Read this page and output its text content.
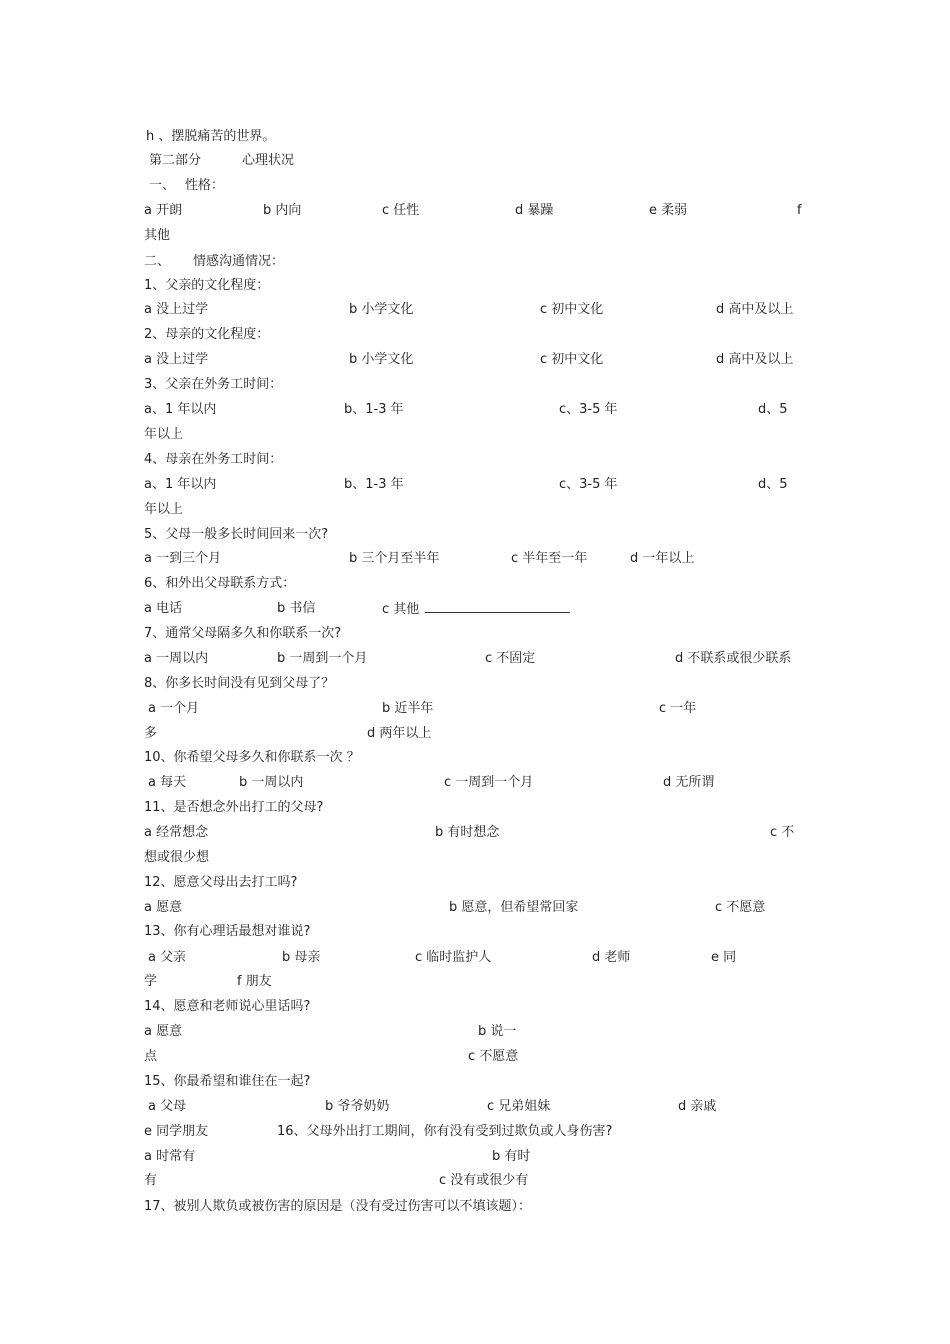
h 、摆脱痛苦的世界。
第二部分	心理状况
一、 性格：
a 开朗	b 内向	c 任性	d 暴躁	e 柔弱	f
其他
二、 情感沟通情况：
1、父亲的文化程度：
a 没上过学	b 小学文化	c 初中文化	d 高中及以上
2、母亲的文化程度：
a 没上过学	b 小学文化	c 初中文化	d 高中及以上
3、父亲在外务工时间：
a、1 年以内	b、1-3 年	c、3-5 年	d、5
年以上
4、母亲在外务工时间：
a、1 年以内	b、1-3 年	c、3-5 年	d、5
年以上
5、父母一般多长时间回来一次?
a 一到三个月	b 三个月至半年	c 半年至一年	d 一年以上
6、和外出父母联系方式：
a 电话	b 书信	c 其他
7、通常父母隔多久和你联系一次?
a 一周以内	b 一周到一个月	c 不固定	d 不联系或很少联系
8、你多长时间没有见到父母了？
a 一个月	b 近半年	c 一年
多	d 两年以上
10、你希望父母多久和你联系一次 ？
a 每天	b 一周以内	c 一周到一个月	d 无所谓
11、是否想念外出打工的父母?
a 经常想念	b 有时想念	c 不
想或很少想
12、愿意父母出去打工吗?
a 愿意	b 愿意，但希望常回家	c 不愿意
13、你有心理话最想对谁说?
a 父亲	b 母亲	c 临时监护人	d 老师	e 同
学	f 朋友
14、愿意和老师说心里话吗?
a 愿意	b 说一
点	c 不愿意
15、你最希望和谁住在一起?
a 父母	b 爷爷奶奶	c 兄弟姐妹	d 亲戚
e 同学朋友	16、父母外出打工期间，你有没有受到过欺负或人身伤害?
a 时常有	b 有时
有	c 没有或很少有
17、被别人欺负或被伤害的原因是（没有受过伤害可以不填该题）：
